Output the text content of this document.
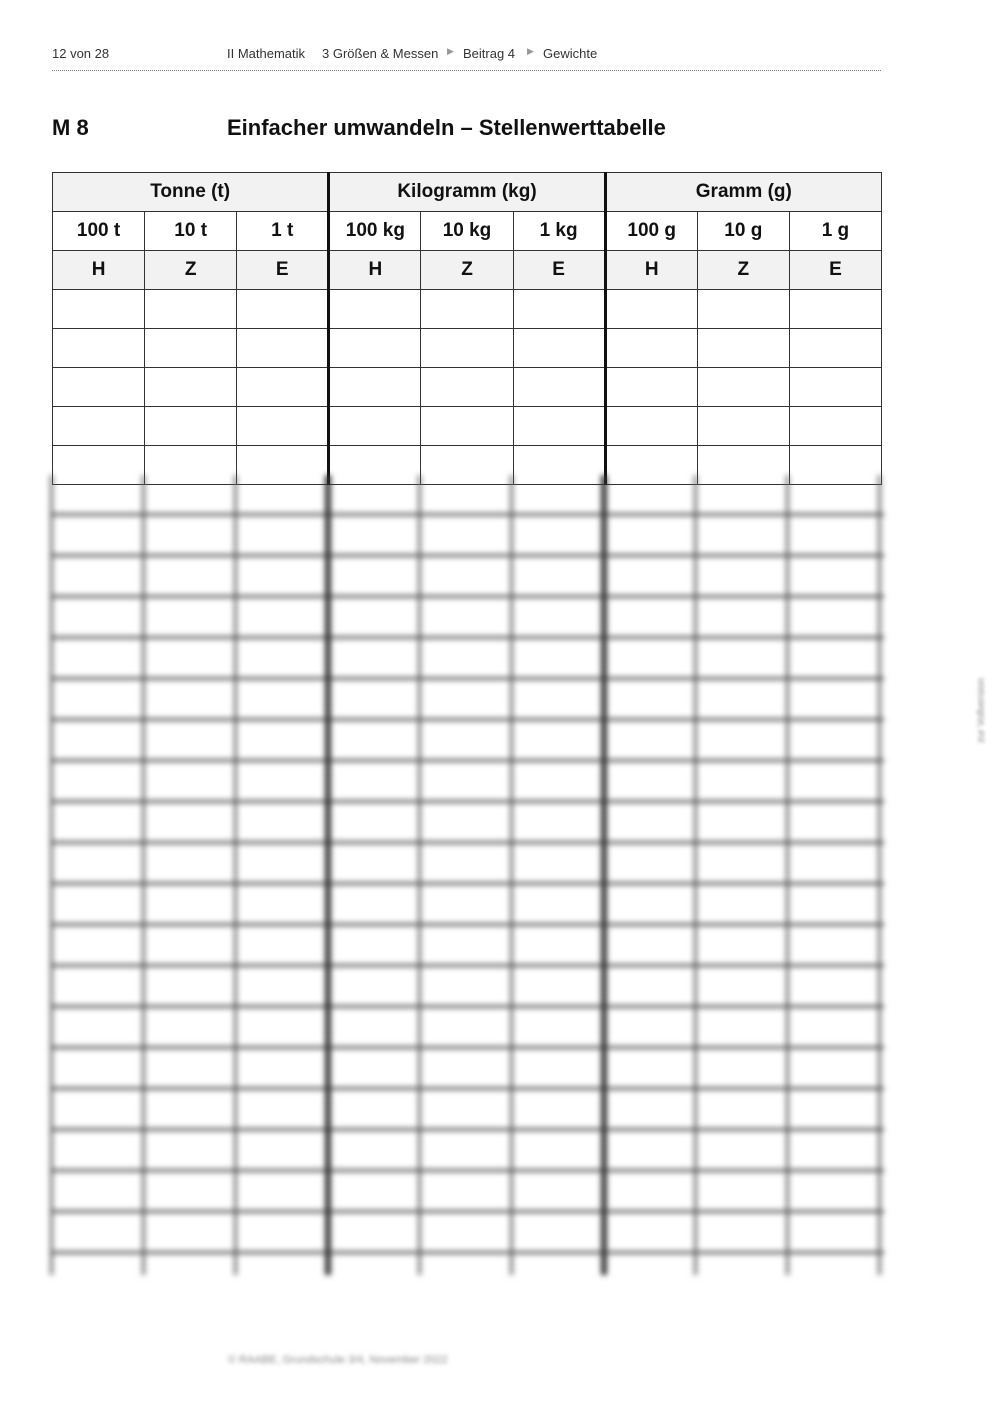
12 von 28	II Mathematik 3 Größen & Messen ▶ Beitrag 4 ▶ Gewichte
M 8	Einfacher umwandeln – Stellenwerttabelle
Tonne (t)			Kilogramm (kg)			Gramm (g)		
100 t	10 t	1 t	100 kg	10 kg	1 kg	100 g	10 g	1 g
H	Z	E	H	Z	E	H	Z	E

© RAABE, Grundschule 3/4, November 2022
zur Vollversion
